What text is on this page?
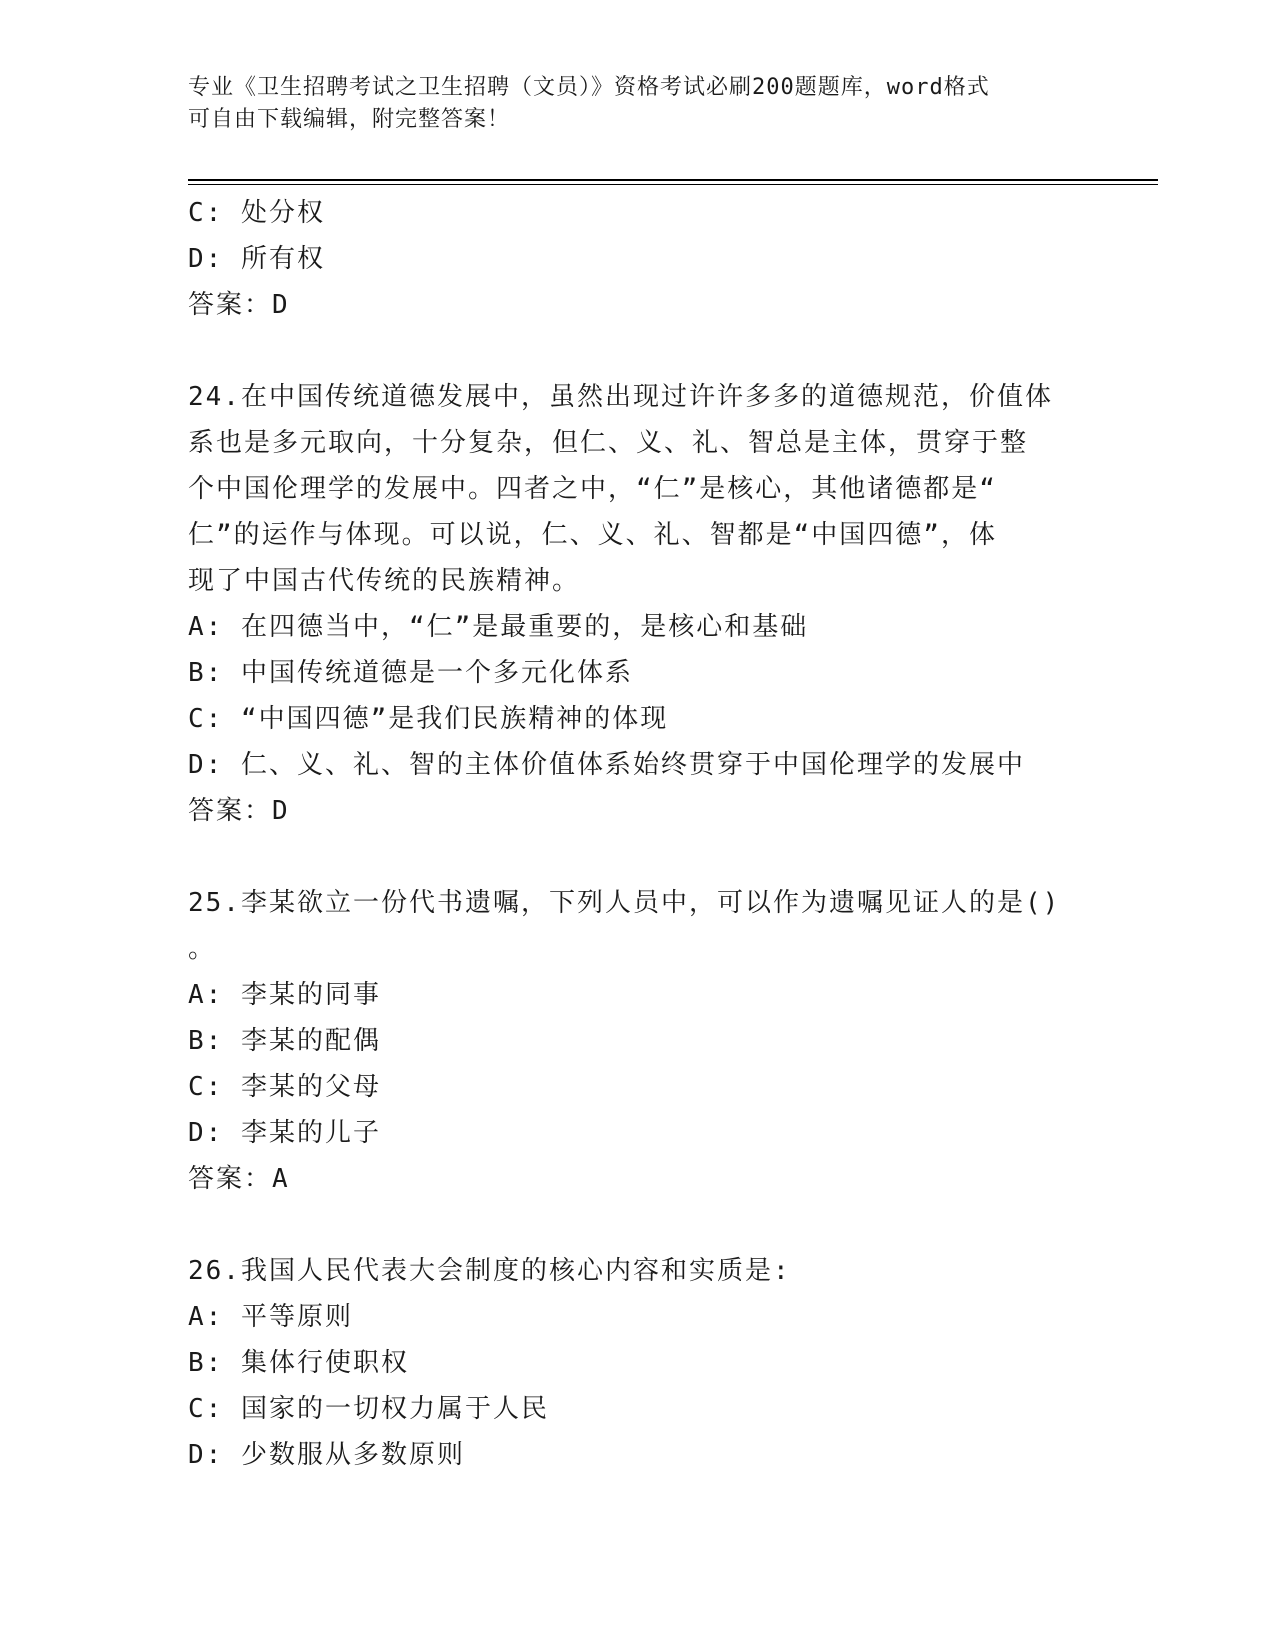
专业《卫生招聘考试之卫生招聘（文员）》资格考试必刷200题题库，word格式
可自由下载编辑，附完整答案！
C: 处分权
D: 所有权
答案：D
24.在中国传统道德发展中，虽然出现过许许多多的道德规范，价值体
系也是多元取向，十分复杂，但仁、义、礼、智总是主体，贯穿于整
个中国伦理学的发展中。四者之中，“仁”是核心，其他诸德都是“
仁”的运作与体现。可以说，仁、义、礼、智都是“中国四德”，体
现了中国古代传统的民族精神。
A: 在四德当中，“仁”是最重要的，是核心和基础
B: 中国传统道德是一个多元化体系
C: “中国四德”是我们民族精神的体现
D: 仁、义、礼、智的主体价值体系始终贯穿于中国伦理学的发展中
答案：D
25.李某欲立一份代书遗嘱，下列人员中，可以作为遗嘱见证人的是()
。
A: 李某的同事
B: 李某的配偶
C: 李某的父母
D: 李某的儿子
答案：A
26.我国人民代表大会制度的核心内容和实质是:
A: 平等原则
B: 集体行使职权
C: 国家的一切权力属于人民
D: 少数服从多数原则
